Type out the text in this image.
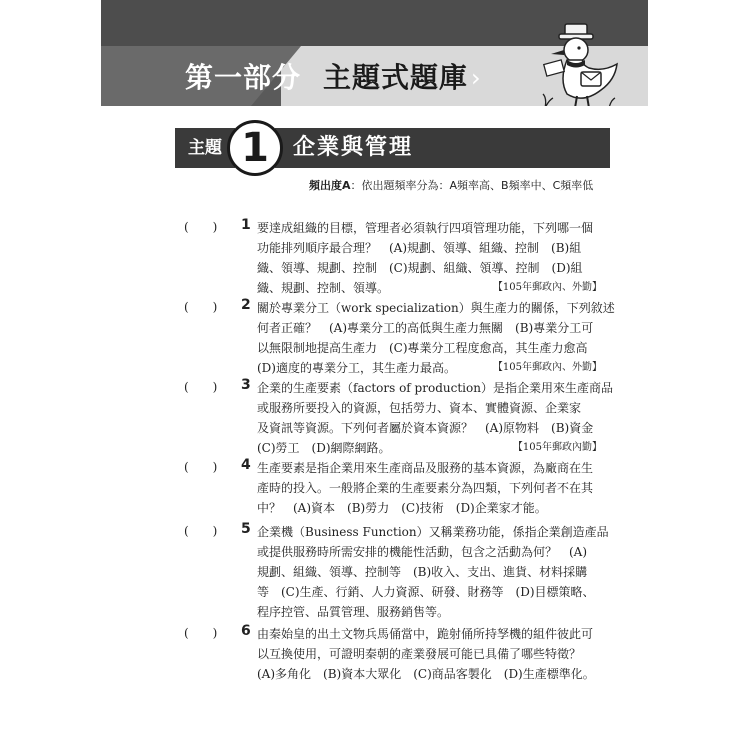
第一部分 主題式題庫 ›
主題	企業與管理
1
頻出度A：依出題頻率分為：A頻率高、B頻率中、C頻率低
(　　) 1 要達成組織的目標，管理者必須執行四項管理功能，下列哪一個
功能排列順序最合理？　(A)規劃、領導、組織、控制　(B)組
織、領導、規劃、控制　(C)規劃、組織、領導、控制　(D)組
織、規劃、控制、領導。	【105年郵政內、外勤】
(　　) 2 關於專業分工（work specialization）與生產力的關係，下列敘述
何者正確？　(A)專業分工的高低與生產力無關　(B)專業分工可
以無限制地提高生產力　(C)專業分工程度愈高，其生產力愈高
(D)適度的專業分工，其生產力最高。	【105年郵政內、外勤】
(　　) 3 企業的生產要素（factors of production）是指企業用來生產商品
或服務所要投入的資源，包括勞力、資本、實體資源、企業家
及資訊等資源。下列何者屬於資本資源？　(A)原物料　(B)資金
(C)勞工　(D)網際網路。	【105年郵政內勤】
(　　) 4 生產要素是指企業用來生產商品及服務的基本資源，為廠商在生
產時的投入。一般將企業的生產要素分為四類，下列何者不在其
中？　(A)資本　(B)勞力　(C)技術　(D)企業家才能。
(　　) 5 企業機（Business Function）又稱業務功能，係指企業創造產品
或提供服務時所需安排的機能性活動，包含之活動為何？　(A)
規劃、組織、領導、控制等　(B)收入、支出、進貨、材料採購
等　(C)生產、行銷、人力資源、研發、財務等　(D)目標策略、
程序控管、品質管理、服務銷售等。
(　　) 6 由秦始皇的出土文物兵馬俑當中，跪射俑所持孥機的組件彼此可
以互換使用，可證明秦朝的產業發展可能已具備了哪些特徵？
(A)多角化　(B)資本大眾化　(C)商品客製化　(D)生產標準化。
